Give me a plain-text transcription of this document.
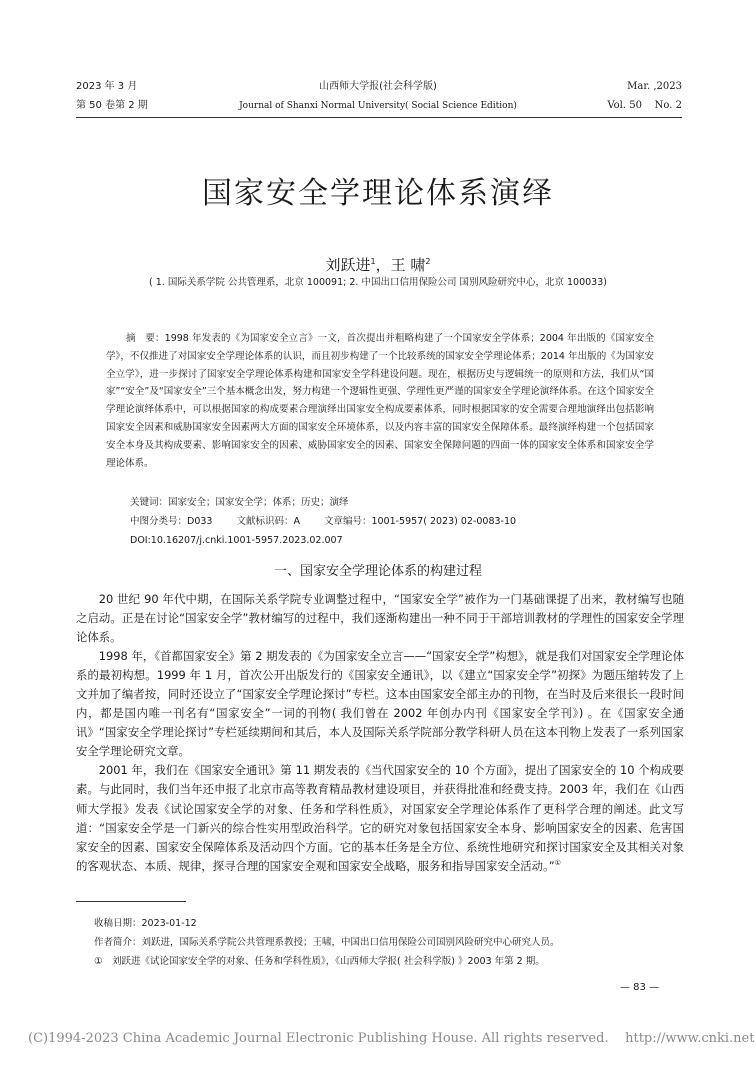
2023 年 3 月
第 50 卷第 2 期
山西师大学报(社会科学版)
Journal of Shanxi Normal University( Social Science Edition)
Mar. ,2023
Vol. 50    No. 2
国家安全学理论体系演绎
刘跃进$^1$，王 啸$^2$
( 1. 国际关系学院 公共管理系，北京 100091; 2. 中国出口信用保险公司 国别风险研究中心，北京 100033)
摘　要：1998 年发表的《为国家安全立言》一文，首次提出并粗略构建了一个国家安全学体系；2004 年出版的《国家安全学》，不仅推进了对国家安全学理论体系的认识，而且初步构建了一个比较系统的国家安全学理论体系；2014 年出版的《为国家安全立学》，进一步探讨了国家安全学理论体系构建和国家安全学科建设问题。现在，根据历史与逻辑统一的原则和方法，我们从“国家”“安全”及“国家安全”三个基本概念出发，努力构建一个逻辑性更强、学理性更严谨的国家安全学理论演绎体系。在这个国家安全学理论演绎体系中，可以根据国家的构成要素合理演绎出国家安全构成要素体系，同时根据国家的安全需要合理地演绎出包括影响国家安全因素和威胁国家安全因素两大方面的国家安全环境体系，以及内容丰富的国家安全保障体系。最终演绎构建一个包括国家安全本身及其构成要素、影响国家安全的因素、威胁国家安全的因素、国家安全保障问题的四面一体的国家安全体系和国家安全学理论体系。
关键词：国家安全；国家安全学；体系；历史；演绎
中图分类号：D033	文献标识码：A	文章编号：1001-5957( 2023) 02-0083-10
DOI:10.16207/j.cnki.1001-5957.2023.02.007
一、国家安全学理论体系的构建过程

20 世纪 90 年代中期，在国际关系学院专业调整过程中，“国家安全学”被作为一门基础课提了出来，教材编写也随之启动。正是在讨论“国家安全学”教材编写的过程中，我们逐渐构建出一种不同于干部培训教材的学理性的国家安全学理论体系。

1998 年，《首都国家安全》第 2 期发表的《为国家安全立言——“国家安全学”构想》，就是我们对国家安全学理论体系的最初构想。1999 年 1 月，首次公开出版发行的《国家安全通讯》，以《建立“国家安全学”初探》为题压缩转发了上文并加了编者按，同时还设立了“国家安全学理论探讨”专栏。这本由国家安全部主办的刊物，在当时及后来很长一段时间内，都是国内唯一刊名有“国家安全”一词的刊物( 我们曾在 2002 年创办内刊《国家安全学刊》) 。在《国家安全通讯》“国家安全学理论探讨”专栏延续期间和其后，本人及国际关系学院部分教学科研人员在这本刊物上发表了一系列国家安全学理论研究文章。

2001 年，我们在《国家安全通讯》第 11 期发表的《当代国家安全的 10 个方面》，提出了国家安全的 10 个构成要素。与此同时，我们当年还申报了北京市高等教育精品教材建设项目，并获得批准和经费支持。2003 年，我们在《山西师大学报》发表《试论国家安全学的对象、任务和学科性质》，对国家安全学理论体系作了更科学合理的阐述。此文写道：“国家安全学是一门新兴的综合性实用型政治科学。它的研究对象包括国家安全本身、影响国家安全的因素、危害国家安全的因素、国家安全保障体系及活动四个方面。它的基本任务是全方位、系统性地研究和探讨国家安全及其相关对象的客观状态、本质、规律，探寻合理的国家安全观和国家安全战略，服务和指导国家安全活动。”①

收稿日期：2023-01-12
作者简介：刘跃进，国际关系学院公共管理系教授；王啸，中国出口信用保险公司国别风险研究中心研究人员。
①　刘跃进《试论国家安全学的对象、任务和学科性质》，《山西师大学报( 社会科学版) 》2003 年第 2 期。
— 83 —
(C)1994-2023 China Academic Journal Electronic Publishing House. All rights reserved.    http://www.cnki.net
